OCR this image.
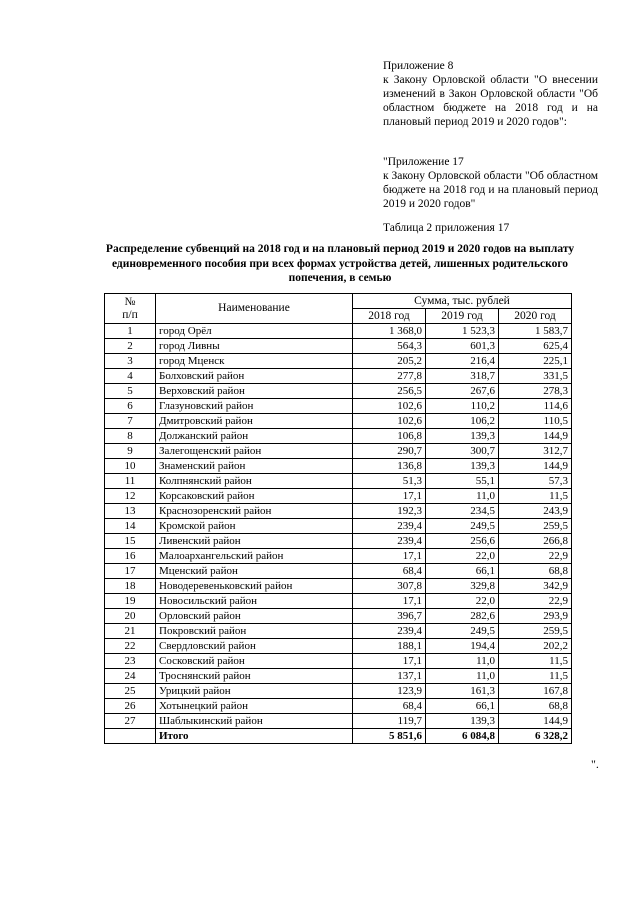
Приложение 8

к Закону Орловской области "О внесении изменений в Закон Орловской области "Об областном бюджете на 2018 год и на плановый период 2019 и 2020 годов":

"Приложение 17

к Закону Орловской области "Об областном бюджете на 2018 год и на плановый период 2019 и 2020 годов"

Таблица 2 приложения 17

Распределение субвенций на 2018 год и на плановый период 2019 и 2020 годов на выплату единовременного пособия при всех формах устройства детей, лишенных родительского попечения, в семью

№
п/п	Наименование	Сумма, тыс. рублей		
		2018 год	2019 год	2020 год
1	город Орёл	1 368,0	1 523,3	1 583,7
2	город Ливны	564,3	601,3	625,4
3	город Мценск	205,2	216,4	225,1
4	Болховский район	277,8	318,7	331,5
5	Верховский район	256,5	267,6	278,3
6	Глазуновский район	102,6	110,2	114,6
7	Дмитровский район	102,6	106,2	110,5
8	Должанский район	106,8	139,3	144,9
9	Залегощенский район	290,7	300,7	312,7
10	Знаменский район	136,8	139,3	144,9
11	Колпнянский район	51,3	55,1	57,3
12	Корсаковский район	17,1	11,0	11,5
13	Краснозоренский район	192,3	234,5	243,9
14	Кромской район	239,4	249,5	259,5
15	Ливенский район	239,4	256,6	266,8
16	Малоархангельский район	17,1	22,0	22,9
17	Мценский район	68,4	66,1	68,8
18	Новодеревеньковский район	307,8	329,8	342,9
19	Новосильский район	17,1	22,0	22,9
20	Орловский район	396,7	282,6	293,9
21	Покровский район	239,4	249,5	259,5
22	Свердловский район	188,1	194,4	202,2
23	Сосковский район	17,1	11,0	11,5
24	Троснянский район	137,1	11,0	11,5
25	Урицкий район	123,9	161,3	167,8
26	Хотынецкий район	68,4	66,1	68,8
27	Шаблыкинский район	119,7	139,3	144,9
	Итого	5 851,6	6 084,8	6 328,2
".
